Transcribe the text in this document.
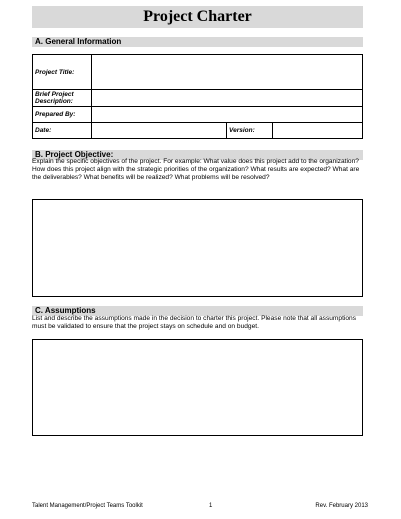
Project Charter
A. General Information
Project Title:			
Brief Project Description:			
Prepared By:			
Date:		Version:	
B. Project Objective:
Explain the specific objectives of the project. For example: What value does this project add to the organization? How does this project align with the strategic priorities of the organization? What results are expected? What are the deliverables? What benefits will be realized? What problems will be resolved?
C. Assumptions
List and describe the assumptions made in the decision to charter this project. Please note that all assumptions must be validated to ensure that the project stays on schedule and on budget.
Talent Management/Project Teams Toolkit	1	Rev. February 2013
